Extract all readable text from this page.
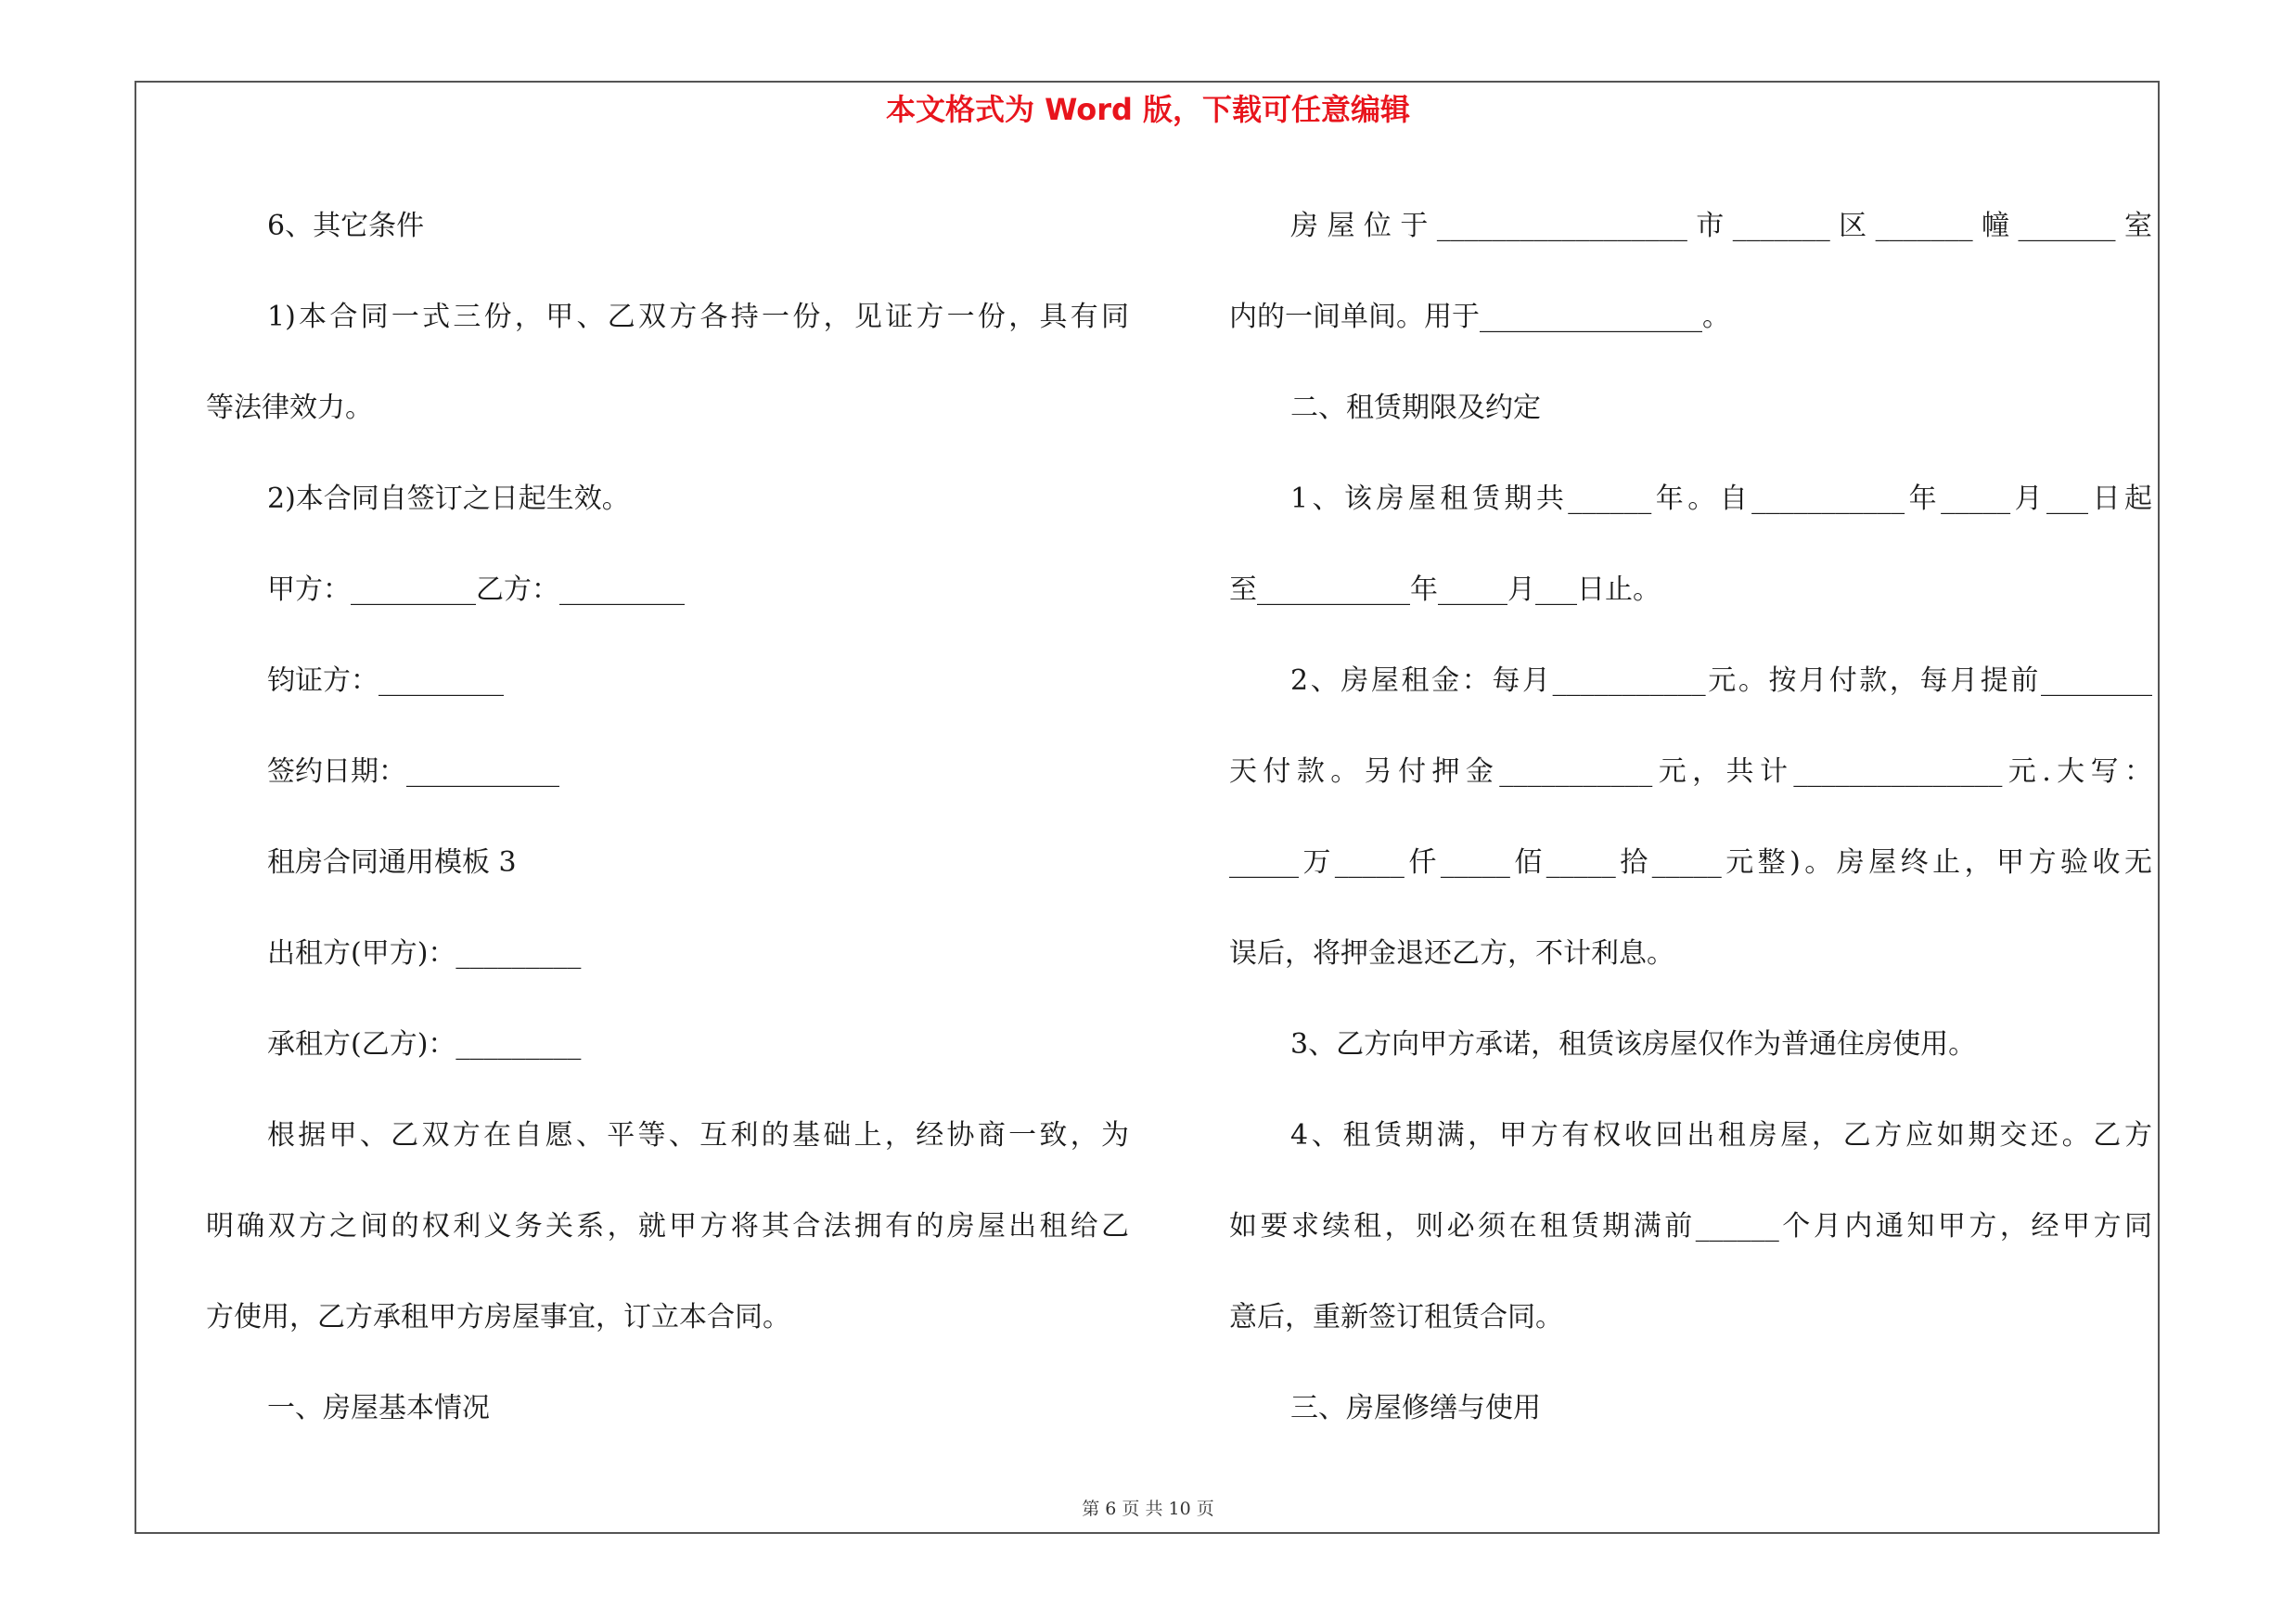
本文格式为 Word 版，下载可任意编辑

6、其它条件

1)本合同一式三份，甲、乙双方各持一份，见证方一份，具有同

等法律效力。

2)本合同自签订之日起生效。

甲方：_________乙方：_________

钧证方：_________

签约日期：___________

租房合同通用模板 3

出租方(甲方)：_________

承租方(乙方)：_________

根据甲、乙双方在自愿、平等、互利的基础上，经协商一致，为

明确双方之间的权利义务关系，就甲方将其合法拥有的房屋出租给乙

方使用，乙方承租甲方房屋事宜，订立本合同。

一、房屋基本情况

房屋位于__________________市_______区_______幢_______室

内的一间单间。用于________________。

二、租赁期限及约定

1、该房屋租赁期共______年。自___________年_____月___日起

至___________年_____月___日止。

2、房屋租金：每月___________元。按月付款，每月提前________

天付款。另付押金___________元，共计_______________元.大写：

_____万_____仟_____佰_____拾_____元整)。房屋终止，甲方验收无

误后，将押金退还乙方，不计利息。

3、乙方向甲方承诺，租赁该房屋仅作为普通住房使用。

4、租赁期满，甲方有权收回出租房屋，乙方应如期交还。乙方

如要求续租，则必须在租赁期满前______个月内通知甲方，经甲方同

意后，重新签订租赁合同。

三、房屋修缮与使用

第 6 页 共 10 页
